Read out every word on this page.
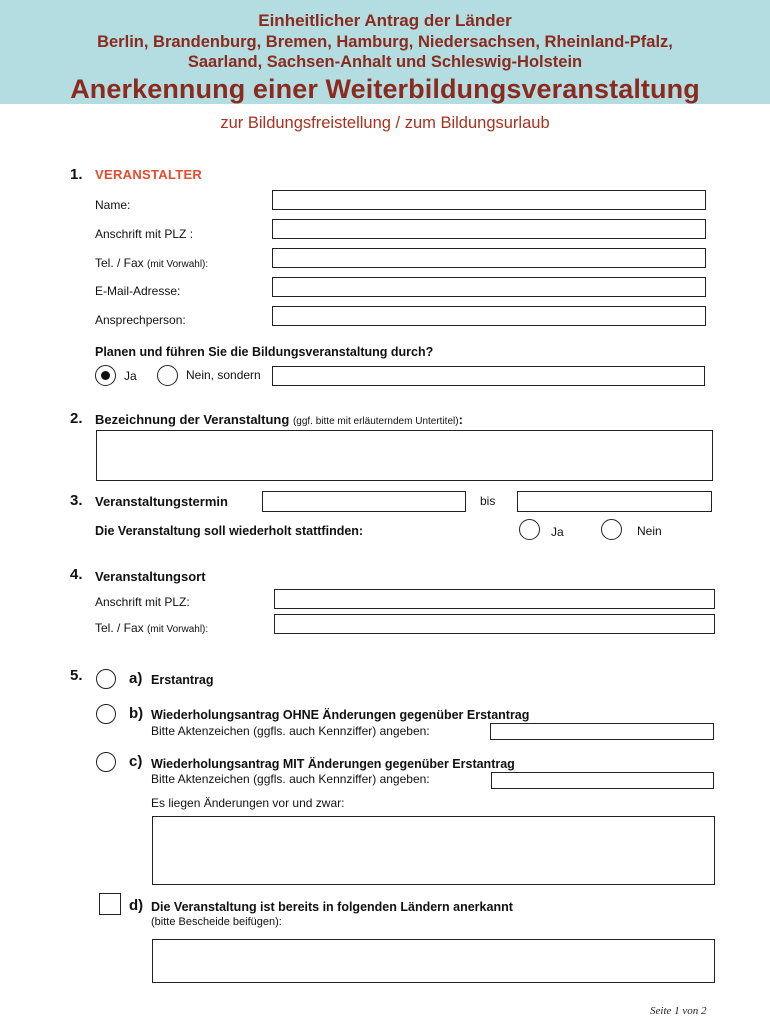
Einheitlicher Antrag der Länder
Berlin, Brandenburg, Bremen, Hamburg, Niedersachsen, Rheinland-Pfalz,
Saarland, Sachsen-Anhalt und Schleswig-Holstein
Anerkennung einer Weiterbildungsveranstaltung
zur Bildungsfreistellung / zum Bildungsurlaub
1. VERANSTALTER
Name:
Anschrift mit PLZ :
Tel. / Fax (mit Vorwahl):
E-Mail-Adresse:
Ansprechperson:
Planen und führen Sie die Bildungsveranstaltung durch?
Ja	Nein, sondern
2. Bezeichnung der Veranstaltung (ggf. bitte mit erläuterndem Untertitel):
3. Veranstaltungstermin	bis
Die Veranstaltung soll wiederholt stattfinden:	Ja	Nein
4. Veranstaltungsort
Anschrift mit PLZ:
Tel. / Fax (mit Vorwahl):
5.	a) Erstantrag
b) Wiederholungsantrag OHNE Änderungen gegenüber Erstantrag
Bitte Aktenzeichen (ggfls. auch Kennziffer) angeben:
c) Wiederholungsantrag MIT Änderungen gegenüber Erstantrag
Bitte Aktenzeichen (ggfls. auch Kennziffer) angeben:
Es liegen Änderungen vor und zwar:
d) Die Veranstaltung ist bereits in folgenden Ländern anerkannt
(bitte Bescheide beifügen):
Seite 1 von 2
